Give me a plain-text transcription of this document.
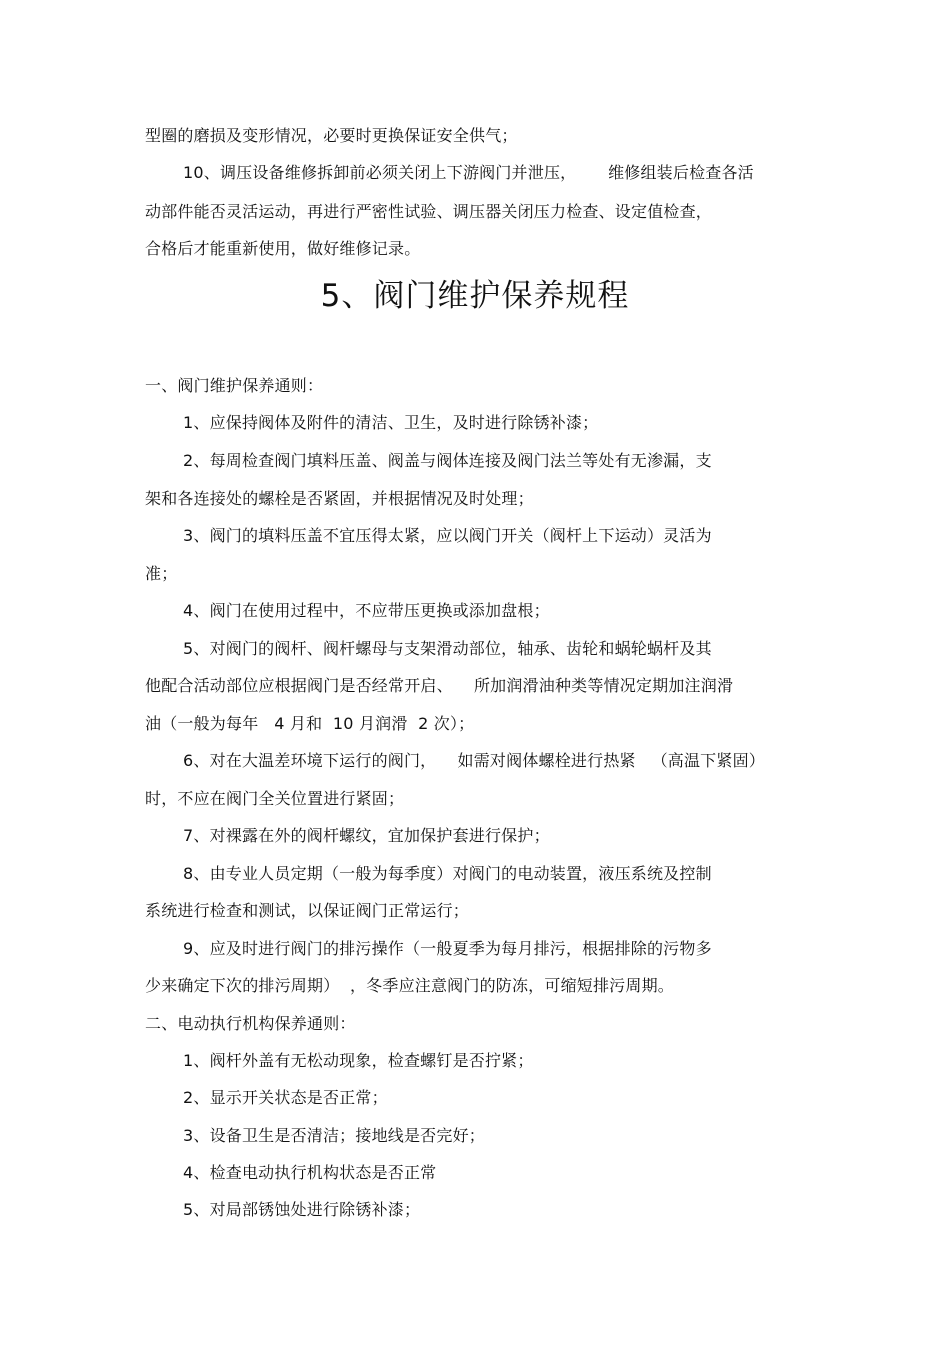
型圈的磨损及变形情况，必要时更换保证安全供气；
10、调压设备维修拆卸前必须关闭上下游阀门并泄压，      维修组装后检查各活
动部件能否灵活运动，再进行严密性试验、调压器关闭压力检查、设定值检查，
合格后才能重新使用，做好维修记录。
5、阀门维护保养规程
一、阀门维护保养通则：
1、应保持阀体及附件的清洁、卫生，及时进行除锈补漆；
2、每周检查阀门填料压盖、阀盖与阀体连接及阀门法兰等处有无渗漏，支
架和各连接处的螺栓是否紧固，并根据情况及时处理；
3、阀门的填料压盖不宜压得太紧，应以阀门开关（阀杆上下运动）灵活为
准；
4、阀门在使用过程中，不应带压更换或添加盘根；
5、对阀门的阀杆、阀杆螺母与支架滑动部位，轴承、齿轮和蜗轮蜗杆及其
他配合活动部位应根据阀门是否经常开启、    所加润滑油种类等情况定期加注润滑
油（一般为每年   4 月和  10 月润滑  2 次）；
6、对在大温差环境下运行的阀门，    如需对阀体螺栓进行热紧   （高温下紧固）
时，不应在阀门全关位置进行紧固；
7、对裸露在外的阀杆螺纹，宜加保护套进行保护；
8、由专业人员定期（一般为每季度）对阀门的电动装置，液压系统及控制
系统进行检查和测试，以保证阀门正常运行；
9、应及时进行阀门的排污操作（一般夏季为每月排污，根据排除的污物多
少来确定下次的排污周期）  ，冬季应注意阀门的防冻，可缩短排污周期。
二、电动执行机构保养通则：
1、阀杆外盖有无松动现象，检查螺钉是否拧紧；
2、显示开关状态是否正常；
3、设备卫生是否清洁；接地线是否完好；
4、检查电动执行机构状态是否正常
5、对局部锈蚀处进行除锈补漆；
